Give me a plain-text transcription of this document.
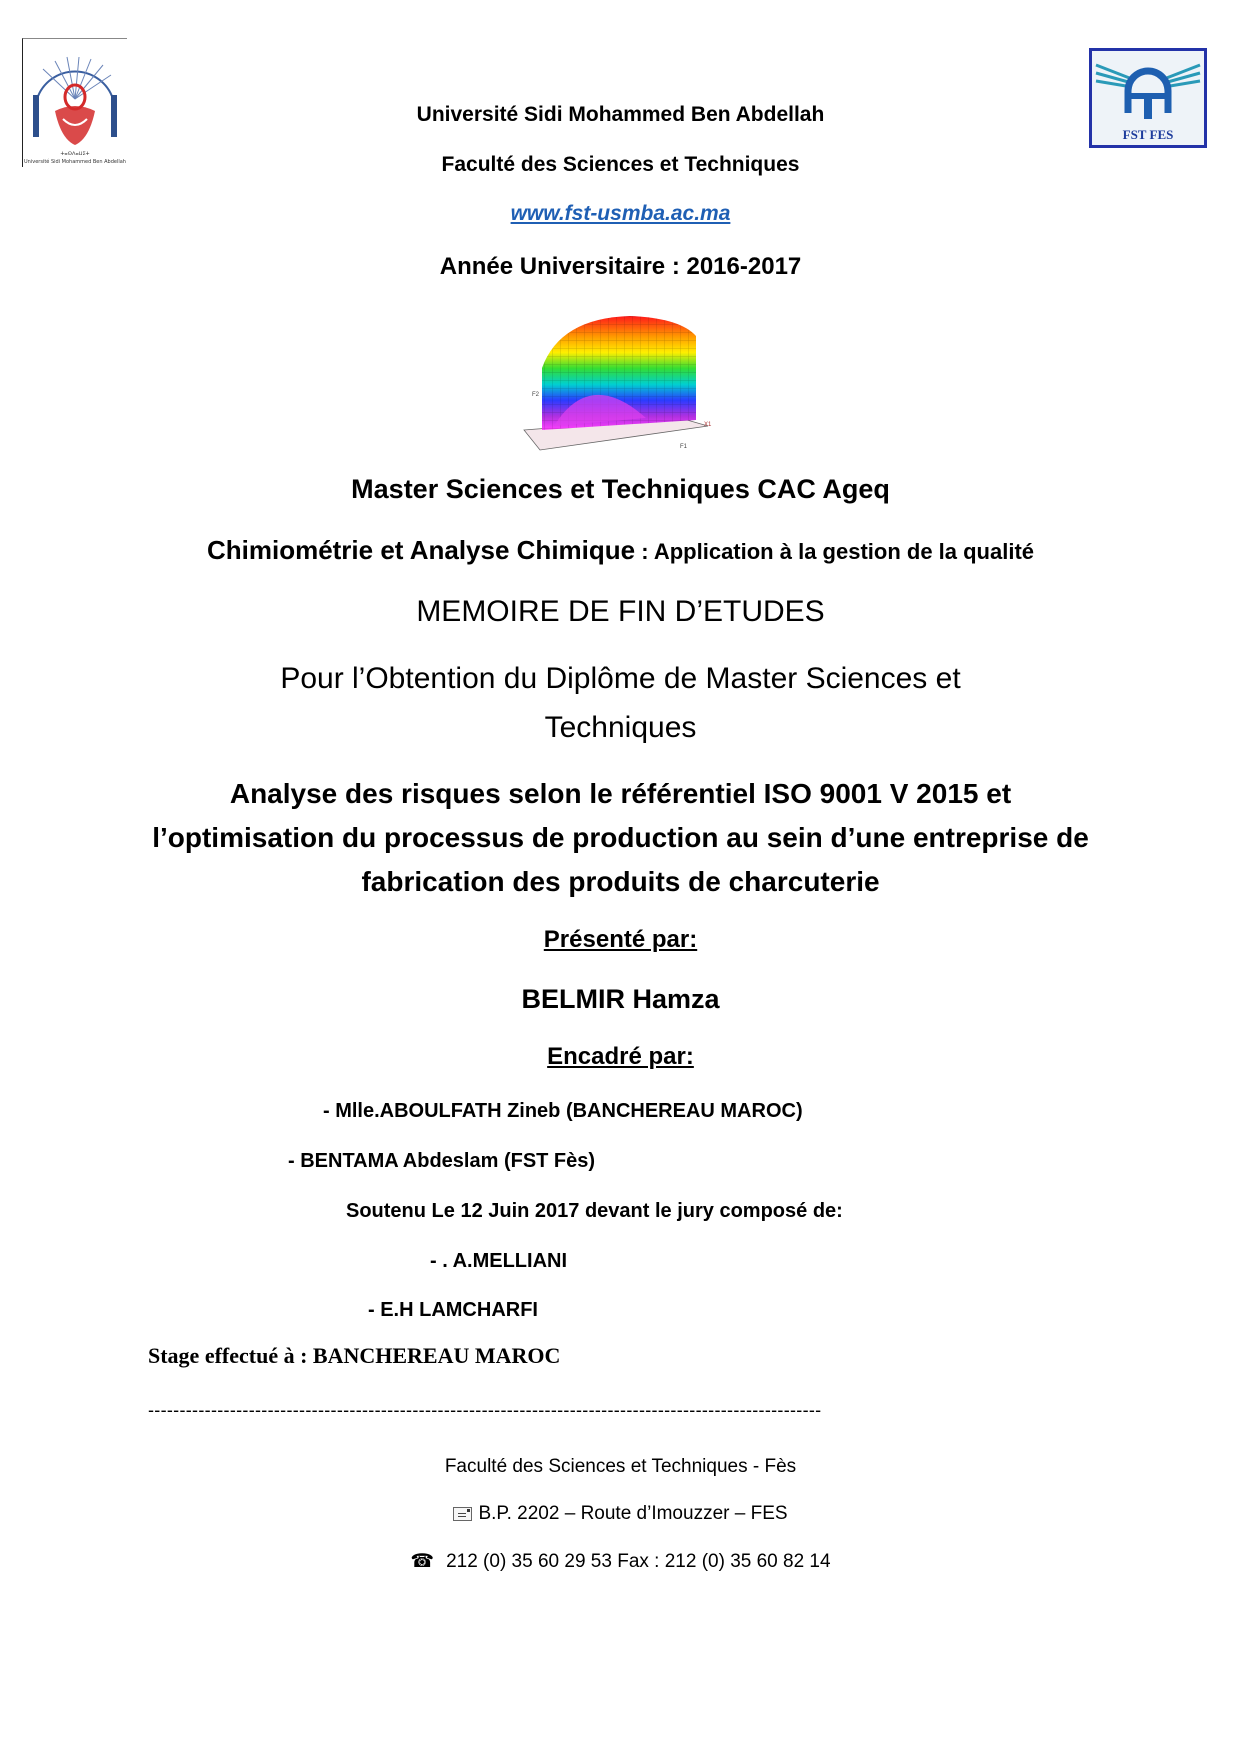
ⵜⴰⵙⴷⴰⵡⵉⵜ
Université Sidi Mohammed Ben Abdellah
FST FES
Université Sidi Mohammed Ben Abdellah
Faculté des Sciences et Techniques
www.fst-usmba.ac.ma
Année Universitaire : 2016-2017
F2
F1
X1
Master Sciences et Techniques CAC Ageq
Chimiométrie et Analyse Chimique : Application à la gestion de la qualité
MEMOIRE DE FIN D’ETUDES
Pour l’Obtention du Diplôme de Master Sciences et
Techniques
Analyse des risques selon le référentiel ISO 9001 V 2015 et
l’optimisation du processus de production au sein d’une entreprise de
fabrication des produits de charcuterie
Présenté par:
BELMIR Hamza
Encadré par:
- Mlle.ABOULFATH Zineb (BANCHEREAU MAROC)
- BENTAMA Abdeslam (FST Fès)
Soutenu Le 12 Juin 2017 devant le jury composé de:
- . A.MELLIANI
- E.H LAMCHARFI
Stage effectué à : BANCHEREAU MAROC
-----------------------------------------------------------------------------------------------------------
Faculté des Sciences et Techniques - Fès
B.P. 2202 – Route d’Imouzzer – FES
☎ 212 (0) 35 60 29 53 Fax : 212 (0) 35 60 82 14
